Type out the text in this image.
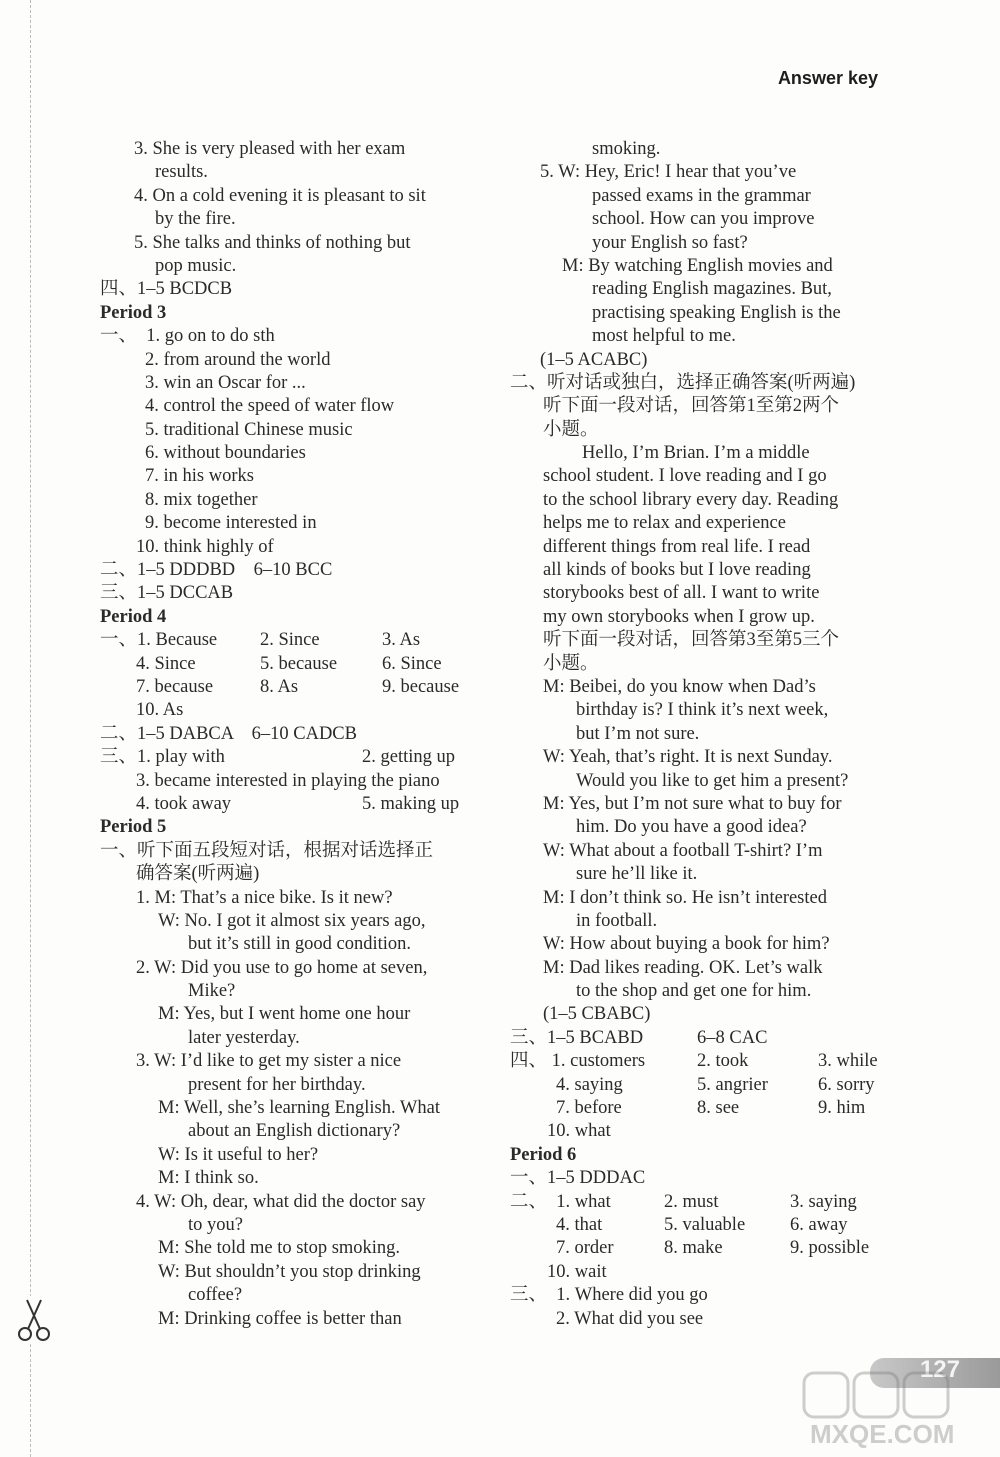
Answer key
3. She is very pleased with her exam
results.
4. On a cold evening it is pleasant to sit
by the fire.
5. She talks and thinks of nothing but
pop music.
四、1–5 BCDCB
Period 3
一、  1. go on to do sth
2. from around the world
3. win an Oscar for ...
4. control the speed of water flow
5. traditional Chinese music
6. without boundaries
7. in his works
8. mix together
9. become interested in
10. think highly of
二、1–5 DDDBD    6–10 BCC
三、1–5 DCCAB
Period 4
一、1. Because 2. Since	3. As
4. Since	5. because 6. Since
7. because	8. As	9. because
10. As
二、1–5 DABCA    6–10 CADCB
三、1. play with	2. getting up
3. became interested in playing the piano
4. took away	5. making up
Period 5
一、听下面五段短对话，根据对话选择正
确答案(听两遍)
1. M: That’s a nice bike. Is it new?
W: No. I got it almost six years ago,
but it’s still in good condition.
2. W: Did you use to go home at seven,
Mike?
M: Yes, but I went home one hour
later yesterday.
3. W: I’d like to get my sister a nice
present for her birthday.
M: Well, she’s learning English. What
about an English dictionary?
W: Is it useful to her?
M: I think so.
4. W: Oh, dear, what did the doctor say
to you?
M: She told me to stop smoking.
W: But shouldn’t you stop drinking
coffee?
M: Drinking coffee is better than
smoking.
5. W: Hey, Eric! I hear that you’ve
passed exams in the grammar
school. How can you improve
your English so fast?
M: By watching English movies and
reading English magazines. But,
practising speaking English is the
most helpful to me.
(1–5 ACABC)
二、听对话或独白，选择正确答案(听两遍)
听下面一段对话，回答第1至第2两个
小题。
Hello, I’m Brian. I’m a middle
school student. I love reading and I go
to the school library every day. Reading
helps me to relax and experience
different things from real life. I read
all kinds of books but I love reading
storybooks best of all. I want to write
my own storybooks when I grow up.
听下面一段对话，回答第3至第5三个
小题。
M: Beibei, do you know when Dad’s
birthday is? I think it’s next week,
but I’m not sure.
W: Yeah, that’s right. It is next Sunday.
Would you like to get him a present?
M: Yes, but I’m not sure what to buy for
him. Do you have a good idea?
W: What about a football T-shirt? I’m
sure he’ll like it.
M: I don’t think so. He isn’t interested
in football.
W: How about buying a book for him?
M: Dad likes reading. OK. Let’s walk
to the shop and get one for him.
(1–5 CBABC)
三、1–5 BCABD	6–8 CAC
四、 1. customers	2. took	3. while
4. saying	5. angrier	6. sorry
7. before	8. see	9. him
10. what
Period 6
一、1–5 DDDAC
二、  1. what	2. must	3. saying
4. that	5. valuable 6. away
7. order	8. make	9. possible
10. wait
三、  1. Where did you go
2. What did you see
127
MXQE.COM
